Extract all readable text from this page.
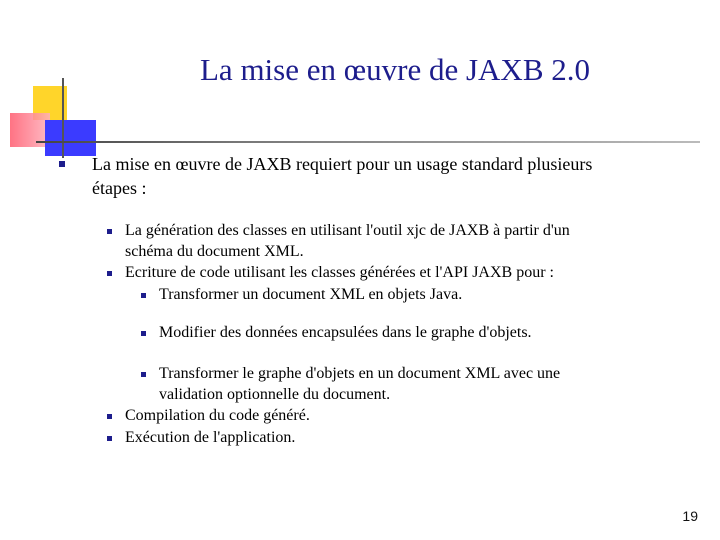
La mise en œuvre de JAXB 2.0
La mise en œuvre de JAXB requiert pour un usage standard plusieurs
étapes :
La génération des classes en utilisant l'outil xjc de JAXB à partir d'un
schéma du document XML.
Ecriture de code utilisant les classes générées et l'API JAXB pour :
Transformer un document XML en objets Java.
Modifier des données encapsulées dans le graphe d'objets.
Transformer le graphe d'objets en un document XML avec une
validation optionnelle du document.
Compilation du code généré.
Exécution de l'application.
19
